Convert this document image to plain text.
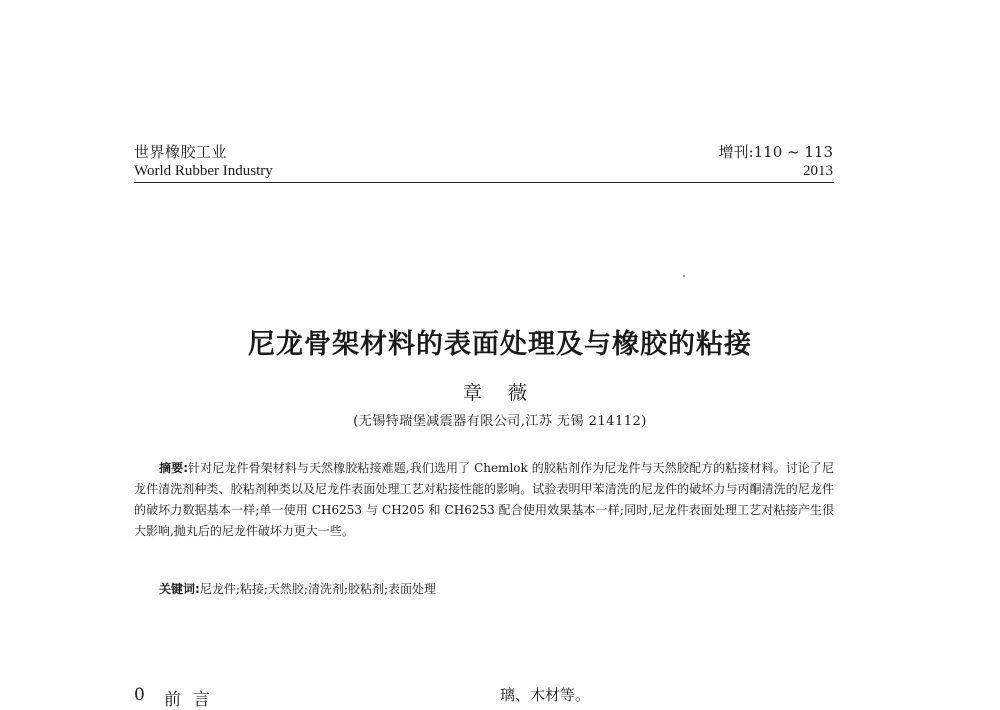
世界橡胶工业
World Rubber Industry
增刊:110 ~ 113
2013
尼龙骨架材料的表面处理及与橡胶的粘接
章 薇
(无锡特瑞堡减震器有限公司,江苏 无锡 214112)
摘要:针对尼龙件骨架材料与天然橡胶粘接难题,我们选用了 Chemlok 的胶粘剂作为尼龙件与天然胶配方的粘接材料。讨论了尼龙件清洗剂种类、胶粘剂种类以及尼龙件表面处理工艺对粘接性能的影响。试验表明甲苯清洗的尼龙件的破坏力与丙酮清洗的尼龙件的破坏力数据基本一样;单一使用 CH6253 与 CH205 和 CH6253 配合使用效果基本一样;同时,尼龙件表面处理工艺对粘接产生很大影响,抛丸后的尼龙件破坏力更大一些。
关键词:尼龙件;粘接;天然胶;清洗剂;胶粘剂;表面处理
0 前言	璃、木材等。
